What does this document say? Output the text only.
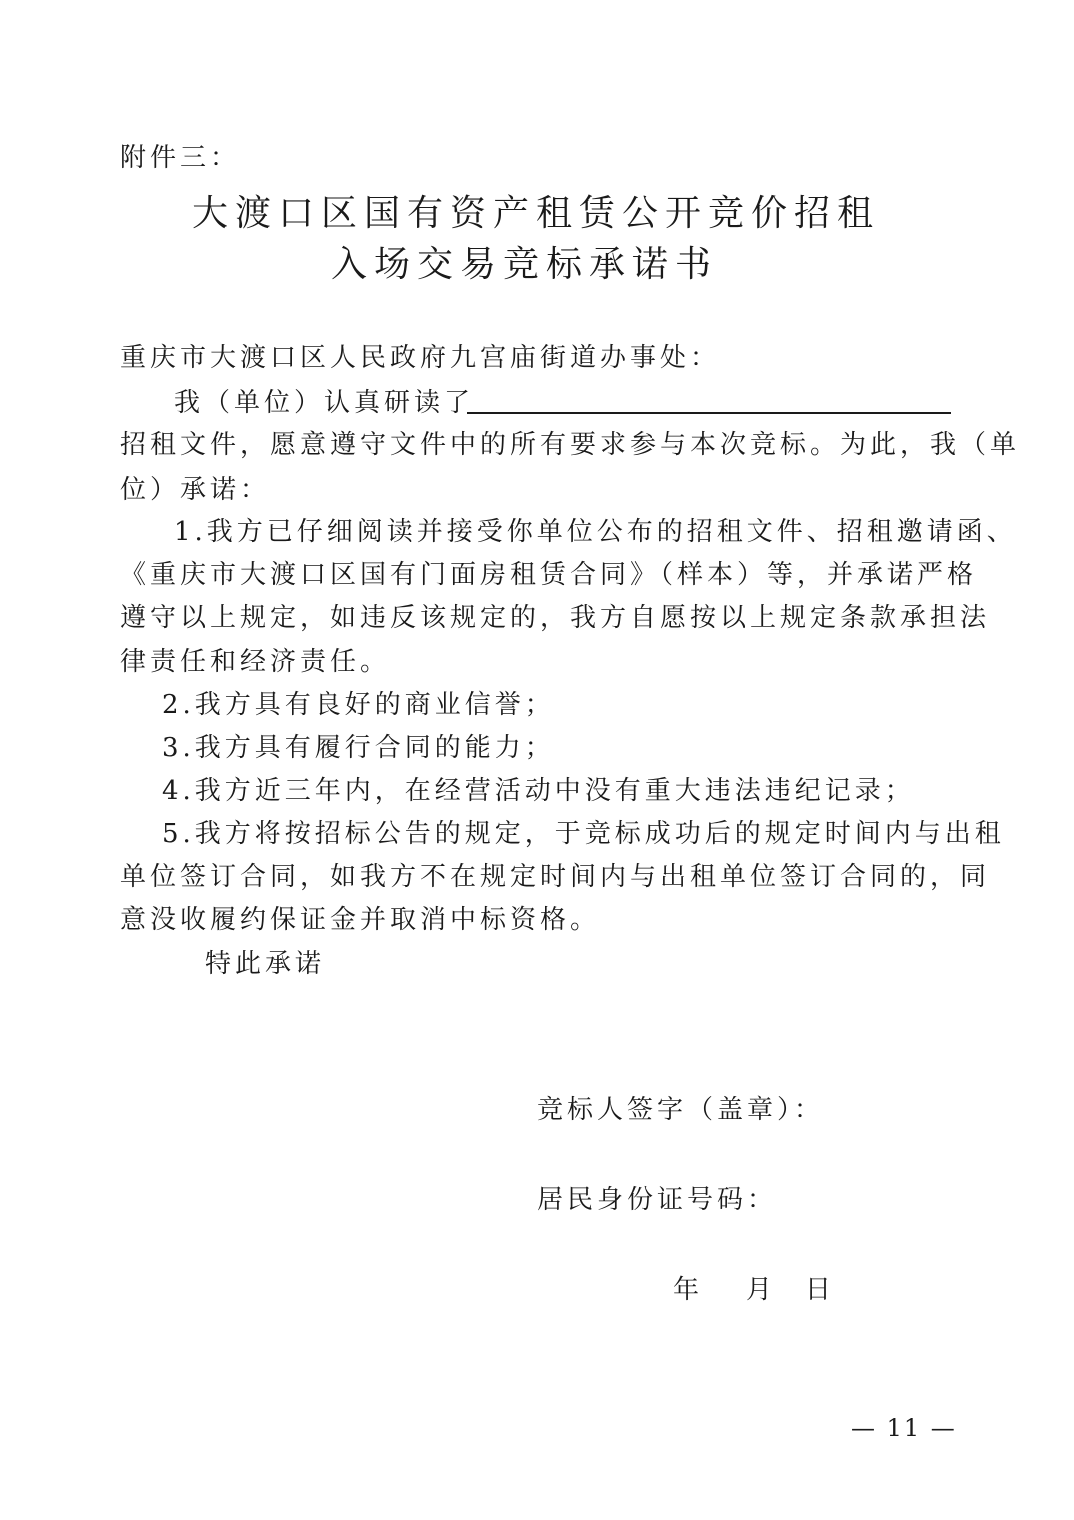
附件三：
大渡口区国有资产租赁公开竞价招租
入场交易竞标承诺书
重庆市大渡口区人民政府九宫庙街道办事处：
我（单位）认真研读了
招租文件，愿意遵守文件中的所有要求参与本次竞标。为此，我（单
位）承诺：
1.我方已仔细阅读并接受你单位公布的招租文件、招租邀请函、
《重庆市大渡口区国有门面房租赁合同》（样本）等，并承诺严格
遵守以上规定，如违反该规定的，我方自愿按以上规定条款承担法
律责任和经济责任。
2.我方具有良好的商业信誉；
3.我方具有履行合同的能力；
4.我方近三年内，在经营活动中没有重大违法违纪记录；
5.我方将按招标公告的规定，于竞标成功后的规定时间内与出租
单位签订合同，如我方不在规定时间内与出租单位签订合同的，同
意没收履约保证金并取消中标资格。
特此承诺
竞标人签字（盖章）：
居民身份证号码：
年 月 日
— 11 —
